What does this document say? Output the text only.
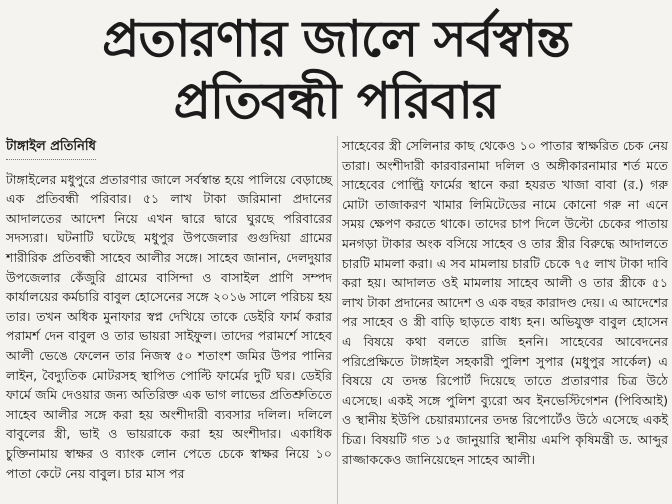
প্রতারণার জালে সর্বস্বান্ত
প্রতিবন্ধী পরিবার
টাঙ্গাইল প্রতিনিধি

টাঙ্গাইলের মধুপুরে প্রতারণার জালে সর্বস্বান্ত হয়ে পালিয়ে বেড়াচ্ছে এক প্রতিবন্ধী পরিবার। ৫১ লাখ টাকা জরিমানা প্রদানের আদালতের আদেশ নিয়ে এখন দ্বারে দ্বারে ঘুরছে পরিবারের সদস্যরা। ঘটনাটি ঘটেছে মধুপুর উপজেলার গুগুদিয়া গ্রামের শারীরিক প্রতিবন্ধী সাহেব আলীর সঙ্গে। সাহেব জানান, দেলদুয়ার উপজেলার কেঁজুরি গ্রামের বাসিন্দা ও বাসাইল প্রাণি সম্পদ কার্যালয়ের কর্মচারি বাবুল হোসেনের সঙ্গে ২০১৬ সালে পরিচয় হয় তার। তখন অধিক মুনাফার স্বপ্ন দেখিয়ে তাকে ডেইরি ফার্ম করার পরামর্শ দেন বাবুল ও তার ভায়রা সাইফুল। তাদের পরামর্শে সাহেব আলী ভেঙে ফেলেন তার নিজস্ব ৫০ শতাংশ জমির উপর পানির লাইন, বৈদ্যুতিক মোটরসহ স্থাপিত পোল্টি ফার্মের দুটি ঘর। ডেইরি ফার্মে জমি দেওয়ার জন্য অতিরিক্ত এক ভাগ লাভের প্রতিশ্রুতিতে সাহেব আলীর সঙ্গে করা হয় অংশীদারী ব্যবসার দলিল। দলিলে বাবুলের স্ত্রী, ভাই ও ভায়রাকে করা হয় অংশীদার। একাধিক চুক্তিনামায় স্বাক্ষর ও ব্যাংক লোন পেতে চেকে স্বাক্ষর নিয়ে ১০ পাতা কেটে নেয় বাবুল। চার মাস পর

সাহেবের স্ত্রী সেলিনার কাছ থেকেও ১০ পাতার স্বাক্ষরিত চেক নেয় তারা। অংশীদারী কারবারনামা দলিল ও অঙ্গীকারনামার শর্ত মতে সাহেবের পোল্ট্রি ফার্মের স্থানে করা হযরত খাজা বাবা (র.) গরু মোটা তাজাকরণ খামার লিমিটেডের নামে কোনো গরু না এনে সময় ক্ষেপণ করতে থাকে। তাদের চাপ দিলে উল্টো চেকের পাতায় মনগড়া টাকার অংক বসিয়ে সাহেব ও তার স্ত্রীর বিরুদ্ধে আদালতে চারটি মামলা করা। এ সব মামলায় চারটি চেকে ৭৫ লাখ টাকা দাবি করা হয়। আদালত ওই মামলায় সাহেব আলী ও তার স্ত্রীকে ৫১ লাখ টাকা প্রদানের আদেশ ও এক বছর কারাদণ্ড দেয়। এ আদেশের পর সাহেব ও স্ত্রী বাড়ি ছাড়তে বাধ্য হন। অভিযুক্ত বাবুল হোসেন এ বিষয়ে কথা বলতে রাজি হননি। সাহেবের আবেদনের পরিপ্রেক্ষিতে টাঙ্গাইল সহকারী পুলিশ সুপার (মধুপুর সার্কেল) এ বিষয়ে যে তদন্ত রিপোর্ট দিয়েছে তাতে প্রতারণার চিত্র উঠে এসেছে। একই সঙ্গে পুলিশ ব্যুরো অব ইনভেস্টিগেশন (পিবিআই) ও স্থানীয় ইউপি চেয়ারম্যানের তদন্ত রিপোর্টেও উঠে এসেছে একই চিত্র। বিষয়টি গত ১৫ জানুয়ারি স্থানীয় এমপি কৃষিমন্ত্রী ড. আব্দুর রাজ্জাককেও জানিয়েছেন সাহেব আলী।
